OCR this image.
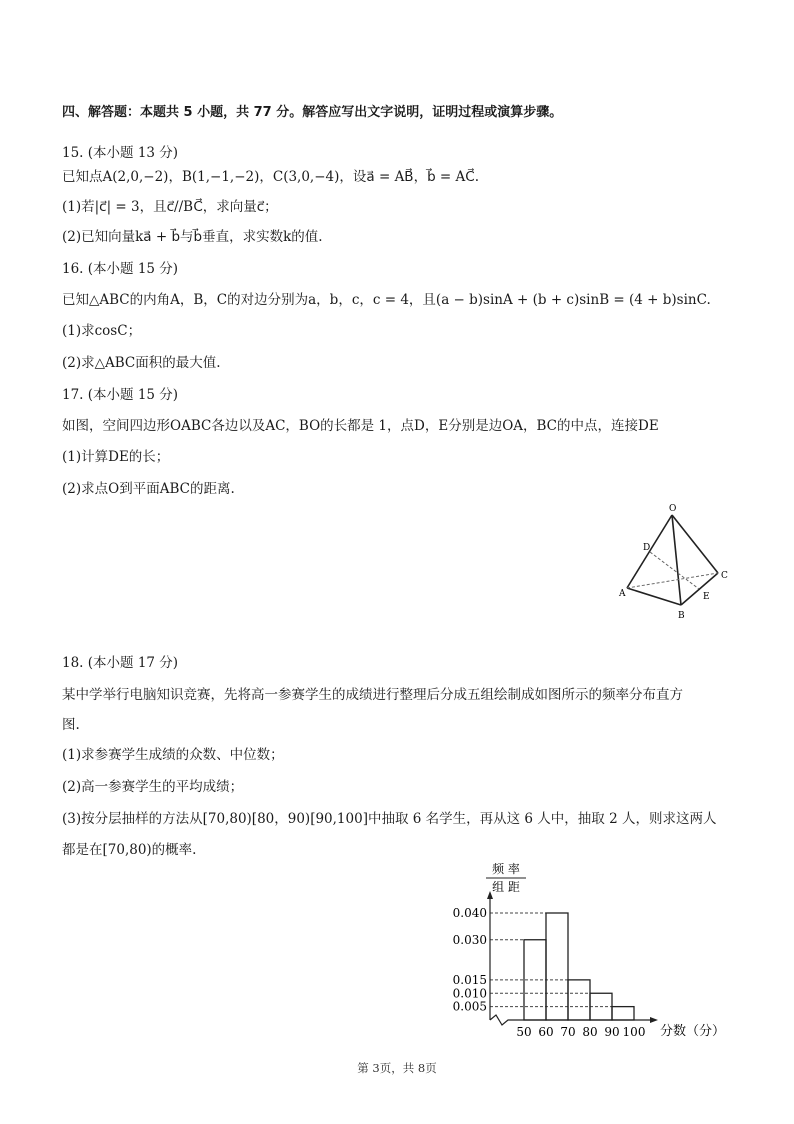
四、解答题：本题共 5 小题，共 77 分。解答应写出文字说明，证明过程或演算步骤。
15. (本小题 13 分)
已知点A(2,0,−2)，B(1,−1,−2)，C(3,0,−4)，设a⃗ = AB⃗，b⃗ = AC⃗.
(1)若|c⃗| = 3，且c⃗//BC⃗，求向量c⃗；
(2)已知向量ka⃗ + b⃗与b⃗垂直，求实数k的值.
16. (本小题 15 分)
已知△ABC的内角A，B，C的对边分别为a，b，c，c = 4，且(a − b)sinA + (b + c)sinB = (4 + b)sinC.
(1)求cosC；
(2)求△ABC面积的最大值.
17. (本小题 15 分)
如图，空间四边形OABC各边以及AC，BO的长都是 1，点D，E分别是边OA，BC的中点，连接DE
(1)计算DE的长；
(2)求点O到平面ABC的距离.
O
D
A
B
C
E
18. (本小题 17 分)
某中学举行电脑知识竞赛，先将高一参赛学生的成绩进行整理后分成五组绘制成如图所示的频率分布直方
图.
(1)求参赛学生成绩的众数、中位数；
(2)高一参赛学生的平均成绩；
(3)按分层抽样的方法从[70,80)[80，90)[90,100]中抽取 6 名学生，再从这 6 人中，抽取 2 人，则求这两人
都是在[70,80)的概率.
频 率
组 距
0.040
0.030
0.015
0.010
0.005
50 60 70 80 90 100 分数（分）
第 3页，共 8页
